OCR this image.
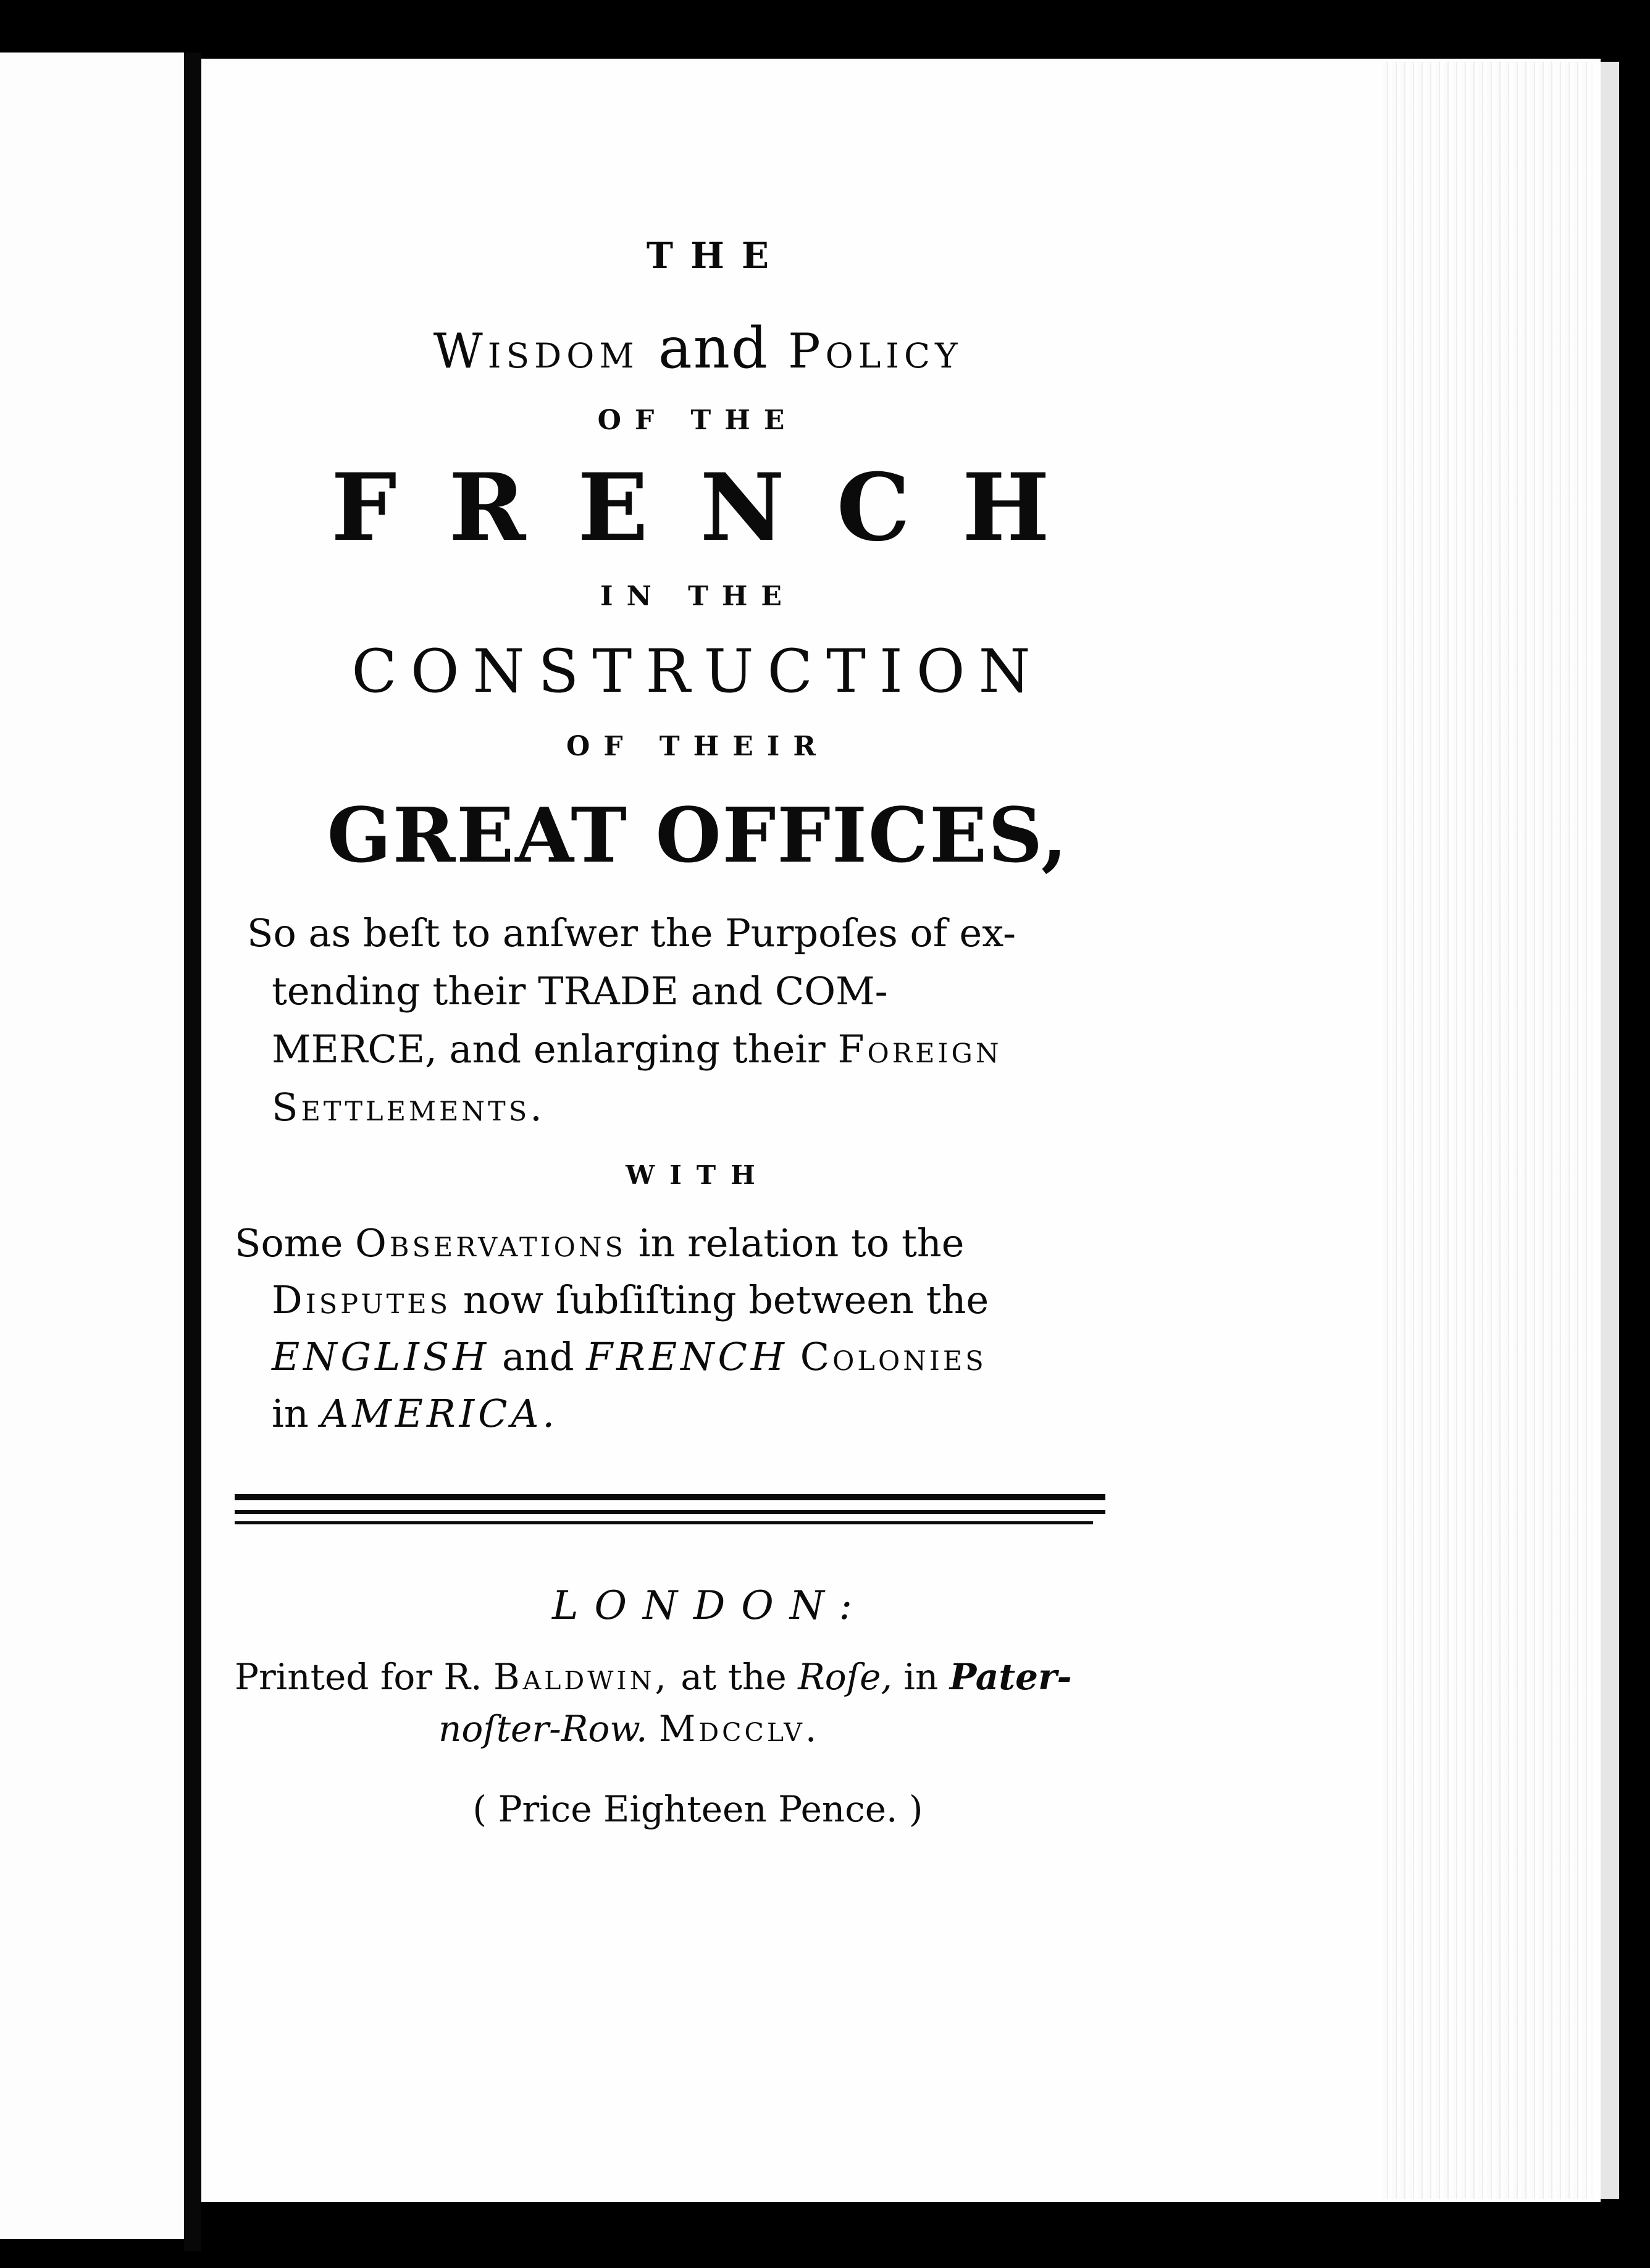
THE
Wisdom and Policy
OF THE
FRENCH
IN THE
CONSTRUCTION
OF THEIR
GREAT OFFICES,
So as beſt to anſwer the Purpoſes of ex-
tending their TRADE and COM-
MERCE, and enlarging their Foreign
Settlements.
WITH
Some Observations in relation to the
Disputes now ſubſiſting between the
ENGLISH and FRENCH Colonies
in AMERICA.
LONDON:
Printed for R. Baldwin, at the Roſe, in Pater-
noſter-Row. Mdcclv.
( Price Eighteen Pence. )
